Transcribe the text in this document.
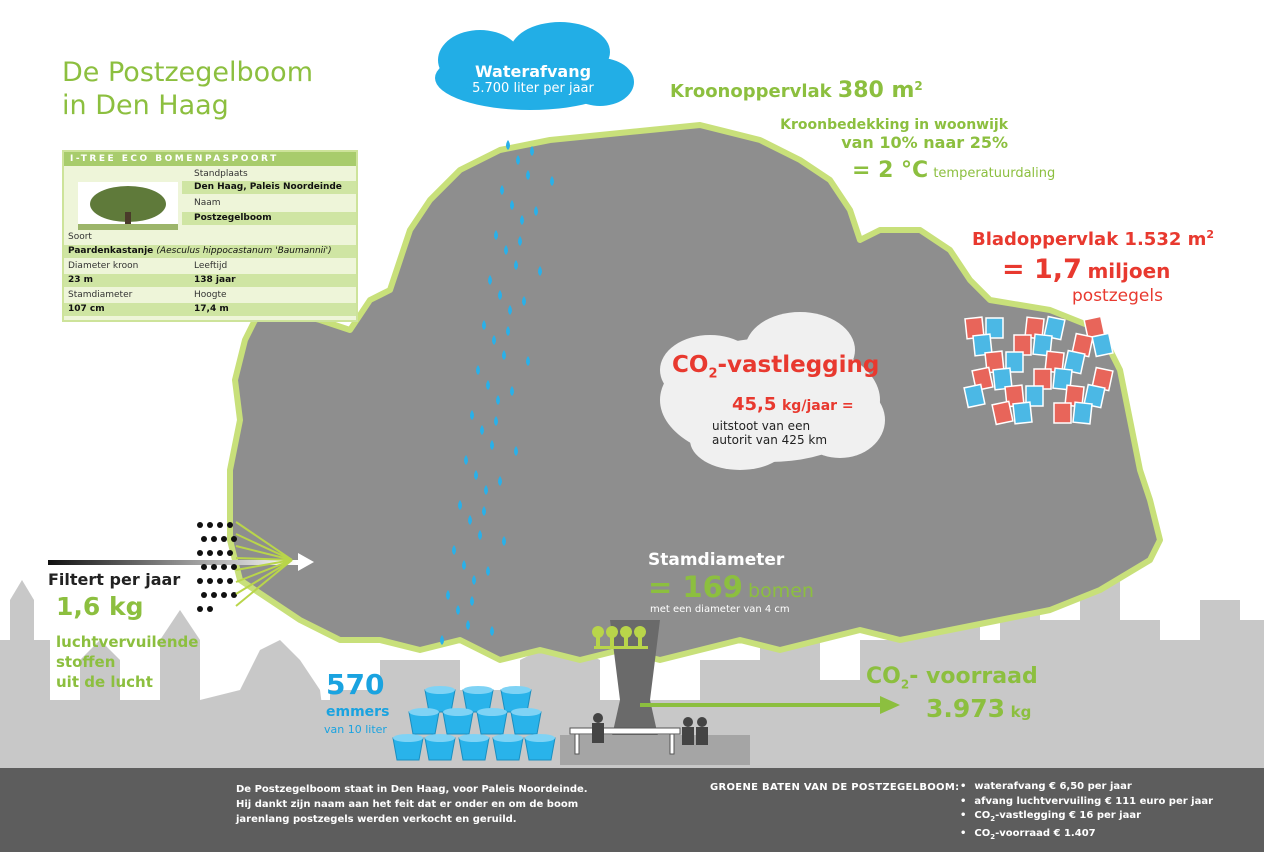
De Postzegelboom
in Den Haag
I-TREE ECO BOMENPASPOORT
Standplaats
Den Haag, Paleis Noordeinde
Naam
Postzegelboom
Soort
Paardenkastanje (Aesculus hippocastanum 'Baumannii')
Diameter kroon	Leeftijd
23 m	138 jaar
Stamdiameter	Hoogte
107 cm	17,4 m
Waterafvang
5.700 liter per jaar	Kroonoppervlak 380 $m^2$
Kroonbedekking in woonwijk
van 10% naar 25%
= 2 °C temperatuurdaling
Bladoppervlak 1.532 $m^2$
= 1,7 miljoen
postzegels
$CO_2$-vastlegging
45,5 kg/jaar =
uitstoot van een
autorit van 425 km
Filtert per jaar
1,6 kg
luchtvervuilende
stoffen
uit de lucht
Stamdiameter
= 169 bomen
met een diameter van 4 cm
570
emmers
van 10 liter
$CO_2-$ voorraad
3.973 kg
De Postzegelboom staat in Den Haag, voor Paleis Noordeinde.
Hij dankt zijn naam aan het feit dat er onder en om de boom
jarenlang postzegels werden verkocht en geruild.
GROENE BATEN VAN DE POSTZEGELBOOM:
•	waterafvang € 6,50 per jaar
• afvang luchtvervuiling € 111 euro per jaar
• $CO_2$-vastlegging € 16 per jaar
• $CO_2$-voorraad € 1.407
